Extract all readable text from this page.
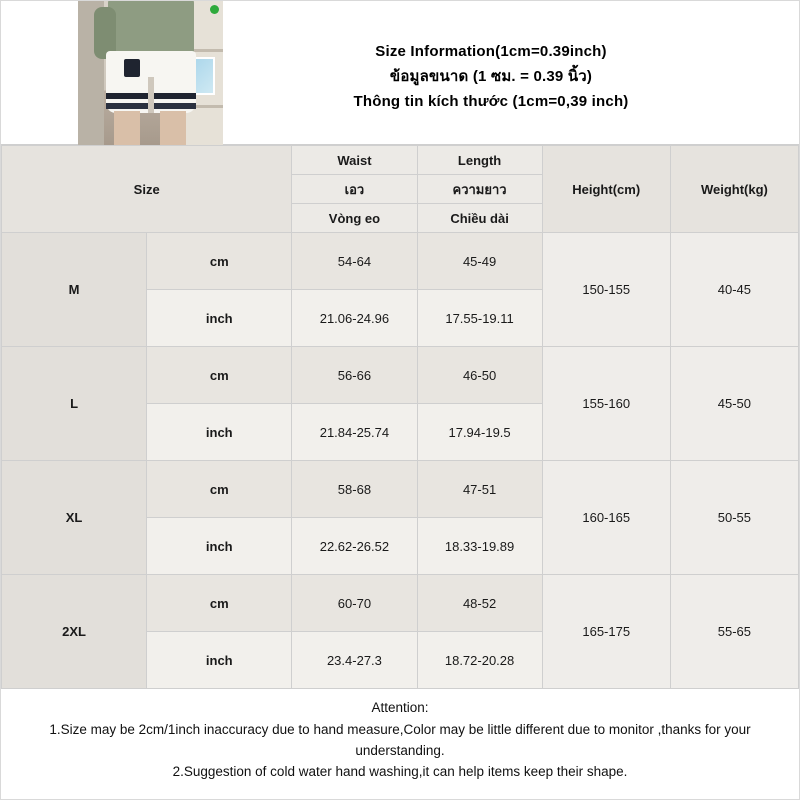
Size Information(1cm=0.39inch)
ข้อมูลขนาด (1 ซม. = 0.39 นิ้ว)
Thông tin kích thước (1cm=0,39 inch)
Size		Waist	Length	Height(cm)	Weight(kg)
		เอว	ความยาว		
		Vòng eo	Chiều dài		
M	cm	54-64	45-49	150-155	40-45
	inch	21.06-24.96	17.55-19.11		
L	cm	56-66	46-50	155-160	45-50
	inch	21.84-25.74	17.94-19.5		
XL	cm	58-68	47-51	160-165	50-55
	inch	22.62-26.52	18.33-19.89		
2XL	cm	60-70	48-52	165-175	55-65
	inch	23.4-27.3	18.72-20.28		
Attention:
1.Size may be 2cm/1inch inaccuracy due to hand measure,Color may be little different due to monitor ,thanks for your understanding.
2.Suggestion of cold water hand washing,it can help items keep their shape.
